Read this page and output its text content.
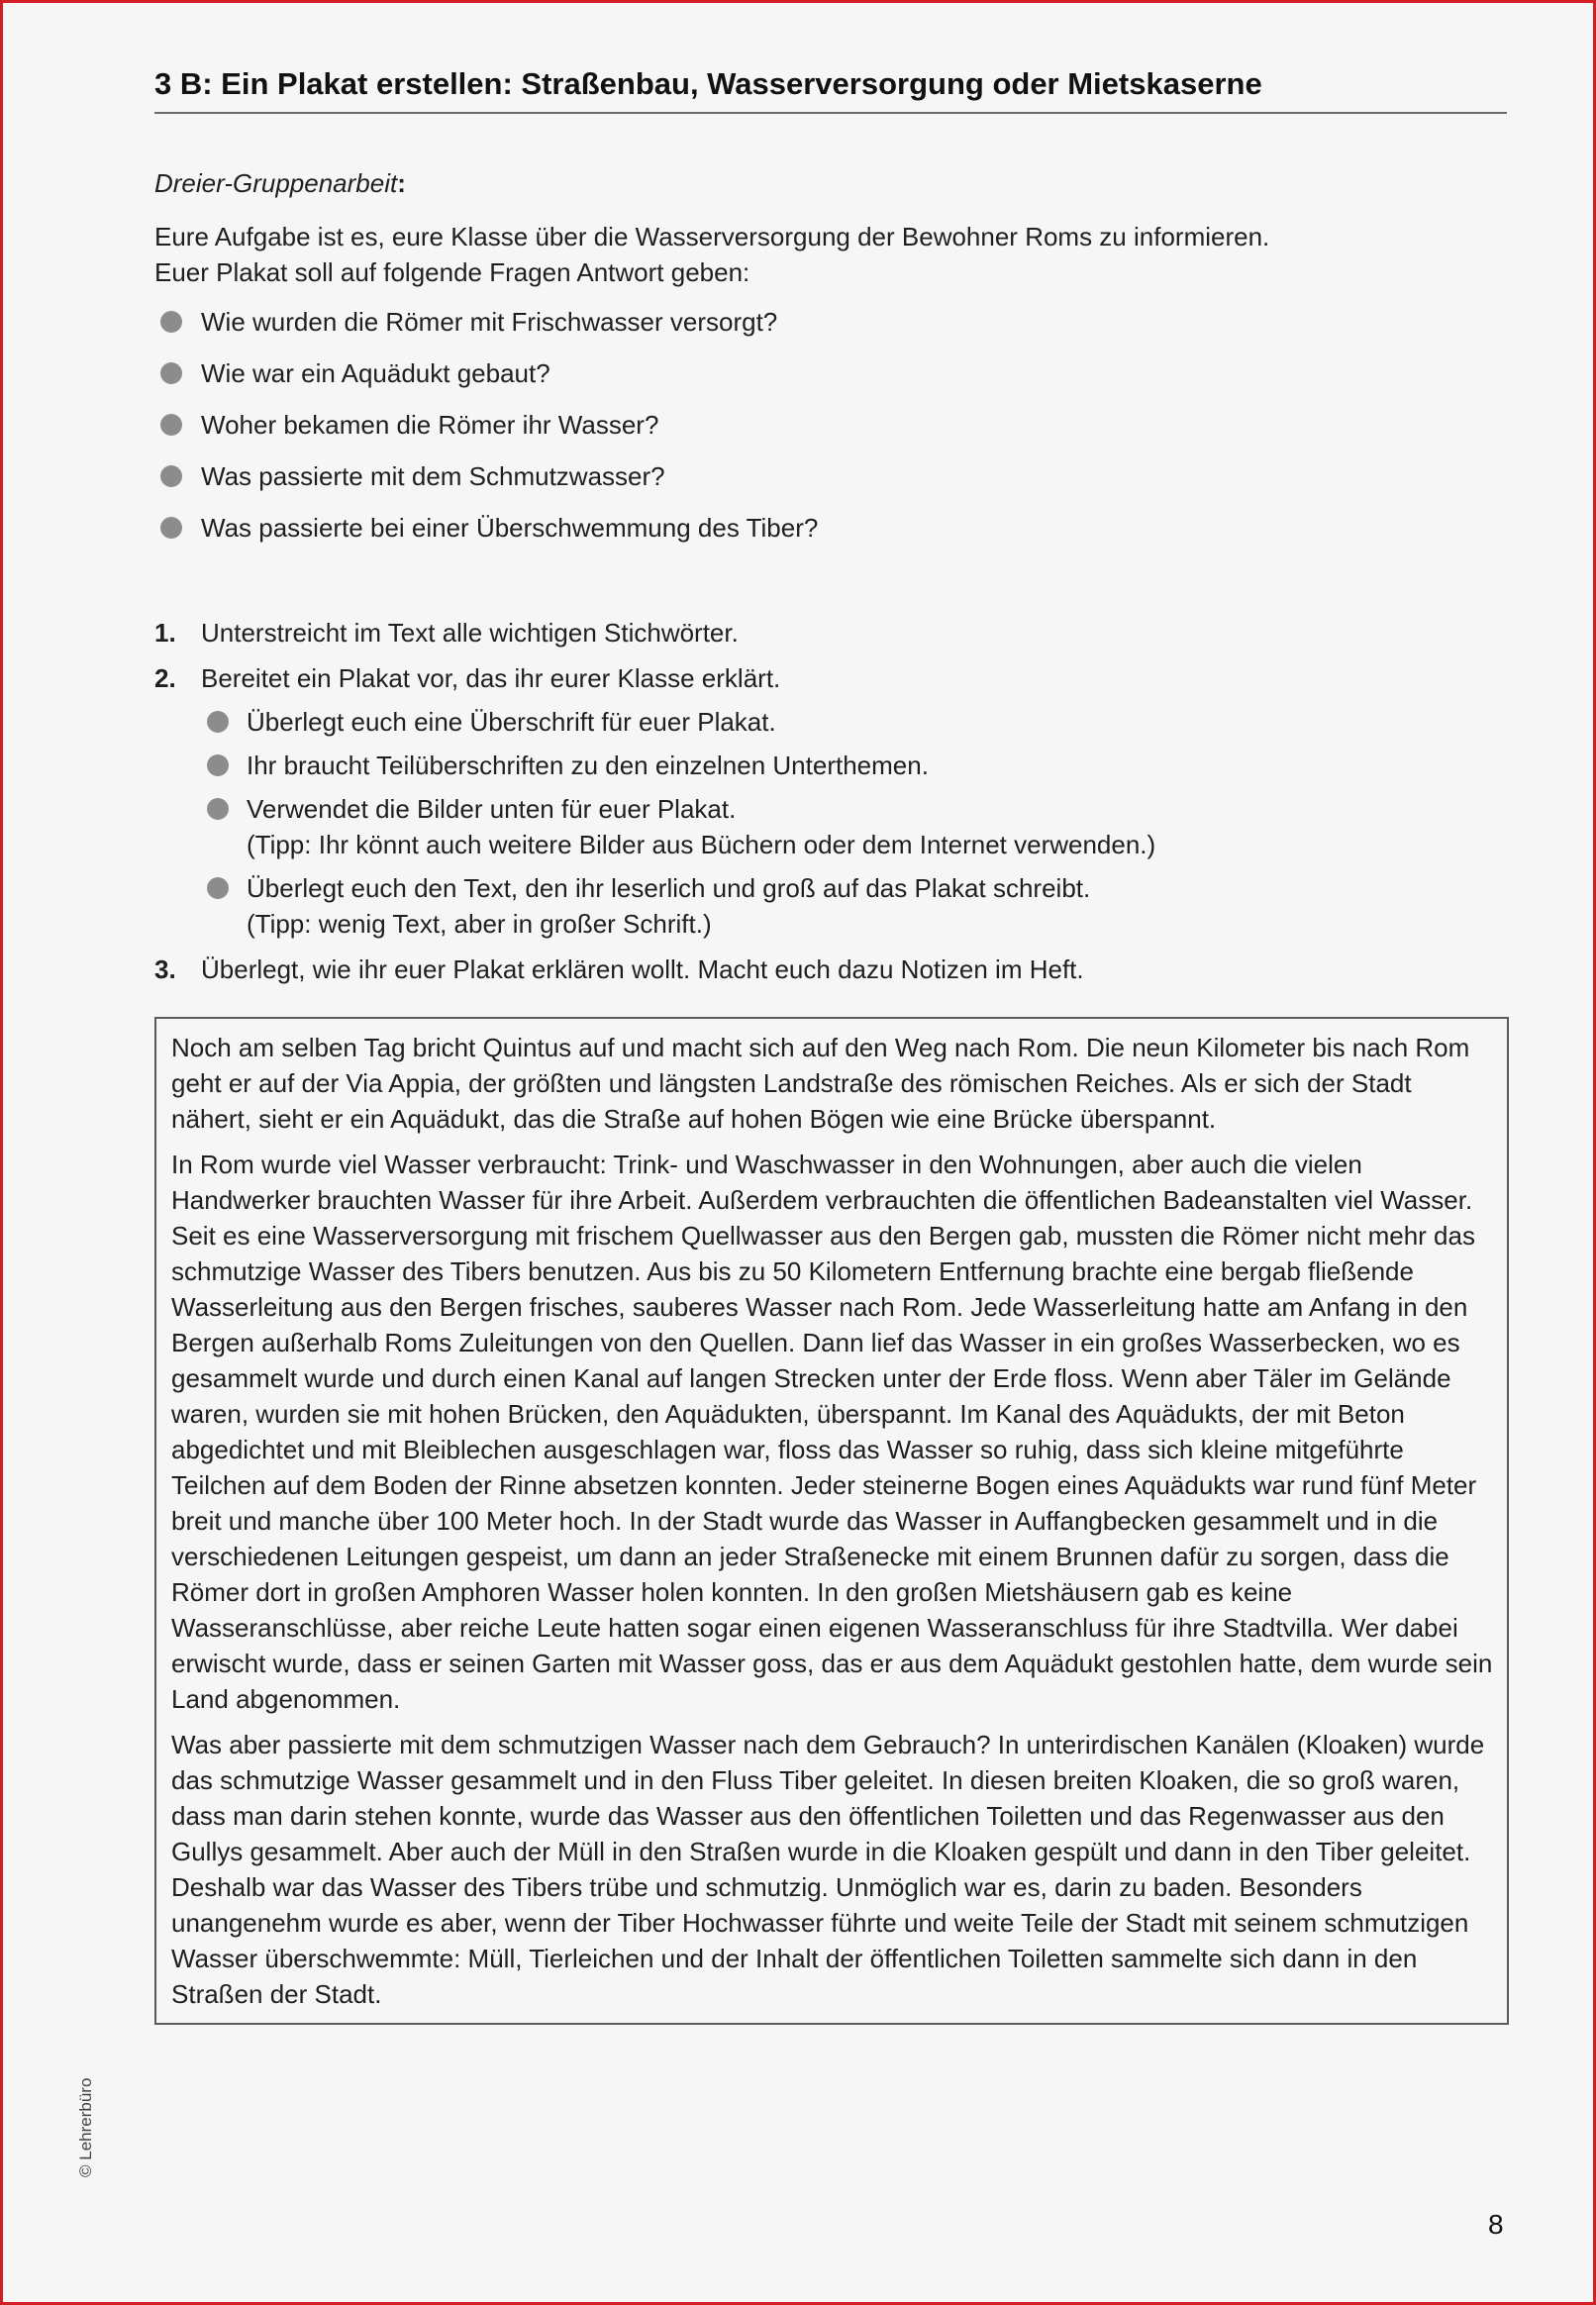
3 B: Ein Plakat erstellen: Straßenbau, Wasserversorgung oder Mietskaserne
Dreier-Gruppenarbeit:
Eure Aufgabe ist es, eure Klasse über die Wasserversorgung der Bewohner Roms zu informieren.
Euer Plakat soll auf folgende Fragen Antwort geben:
Wie wurden die Römer mit Frischwasser versorgt?
Wie war ein Aquädukt gebaut?
Woher bekamen die Römer ihr Wasser?
Was passierte mit dem Schmutzwasser?
Was passierte bei einer Überschwemmung des Tiber?
1. Unterstreicht im Text alle wichtigen Stichwörter.
2. Bereitet ein Plakat vor, das ihr eurer Klasse erklärt.
Überlegt euch eine Überschrift für euer Plakat.
Ihr braucht Teilüberschriften zu den einzelnen Unterthemen.
Verwendet die Bilder unten für euer Plakat.
(Tipp: Ihr könnt auch weitere Bilder aus Büchern oder dem Internet verwenden.)
Überlegt euch den Text, den ihr leserlich und groß auf das Plakat schreibt.
(Tipp: wenig Text, aber in großer Schrift.)
3. Überlegt, wie ihr euer Plakat erklären wollt. Macht euch dazu Notizen im Heft.

Noch am selben Tag bricht Quintus auf und macht sich auf den Weg nach Rom. Die neun Kilometer bis nach Rom geht er auf der Via Appia, der größten und längsten Landstraße des römischen Reiches. Als er sich der Stadt nähert, sieht er ein Aquädukt, das die Straße auf hohen Bögen wie eine Brücke überspannt.

In Rom wurde viel Wasser verbraucht: Trink- und Waschwasser in den Wohnungen, aber auch die vielen Handwerker brauchten Wasser für ihre Arbeit. Außerdem verbrauchten die öffentlichen Badeanstalten viel Wasser. Seit es eine Wasserversorgung mit frischem Quellwasser aus den Bergen gab, mussten die Römer nicht mehr das schmutzige Wasser des Tibers benutzen. Aus bis zu 50 Kilometern Entfernung brachte eine bergab fließende Wasserleitung aus den Bergen frisches, sauberes Wasser nach Rom. Jede Wasserleitung hatte am Anfang in den Bergen außerhalb Roms Zuleitungen von den Quellen. Dann lief das Wasser in ein großes Wasserbecken, wo es gesammelt wurde und durch einen Kanal auf langen Strecken unter der Erde floss. Wenn aber Täler im Gelände waren, wurden sie mit hohen Brücken, den Aquädukten, überspannt. Im Kanal des Aquädukts, der mit Beton abgedichtet und mit Bleiblechen ausgeschlagen war, floss das Wasser so ruhig, dass sich kleine mitgeführte Teilchen auf dem Boden der Rinne absetzen konnten. Jeder steinerne Bogen eines Aquädukts war rund fünf Meter breit und manche über 100 Meter hoch. In der Stadt wurde das Wasser in Auffangbecken gesammelt und in die verschiedenen Leitungen gespeist, um dann an jeder Straßenecke mit einem Brunnen dafür zu sorgen, dass die Römer dort in großen Amphoren Wasser holen konnten. In den großen Mietshäusern gab es keine Wasseranschlüsse, aber reiche Leute hatten sogar einen eigenen Wasseranschluss für ihre Stadtvilla. Wer dabei erwischt wurde, dass er seinen Garten mit Wasser goss, das er aus dem Aquädukt gestohlen hatte, dem wurde sein Land abgenommen.

Was aber passierte mit dem schmutzigen Wasser nach dem Gebrauch? In unterirdischen Kanälen (Kloaken) wurde das schmutzige Wasser gesammelt und in den Fluss Tiber geleitet. In diesen breiten Kloaken, die so groß waren, dass man darin stehen konnte, wurde das Wasser aus den öffentlichen Toiletten und das Regenwasser aus den Gullys gesammelt. Aber auch der Müll in den Straßen wurde in die Kloaken gespült und dann in den Tiber geleitet. Deshalb war das Wasser des Tibers trübe und schmutzig. Unmöglich war es, darin zu baden. Besonders unangenehm wurde es aber, wenn der Tiber Hochwasser führte und weite Teile der Stadt mit seinem schmutzigen Wasser überschwemmte: Müll, Tierleichen und der Inhalt der öffentlichen Toiletten sammelte sich dann in den Straßen der Stadt.

© Lehrerbüro
8
